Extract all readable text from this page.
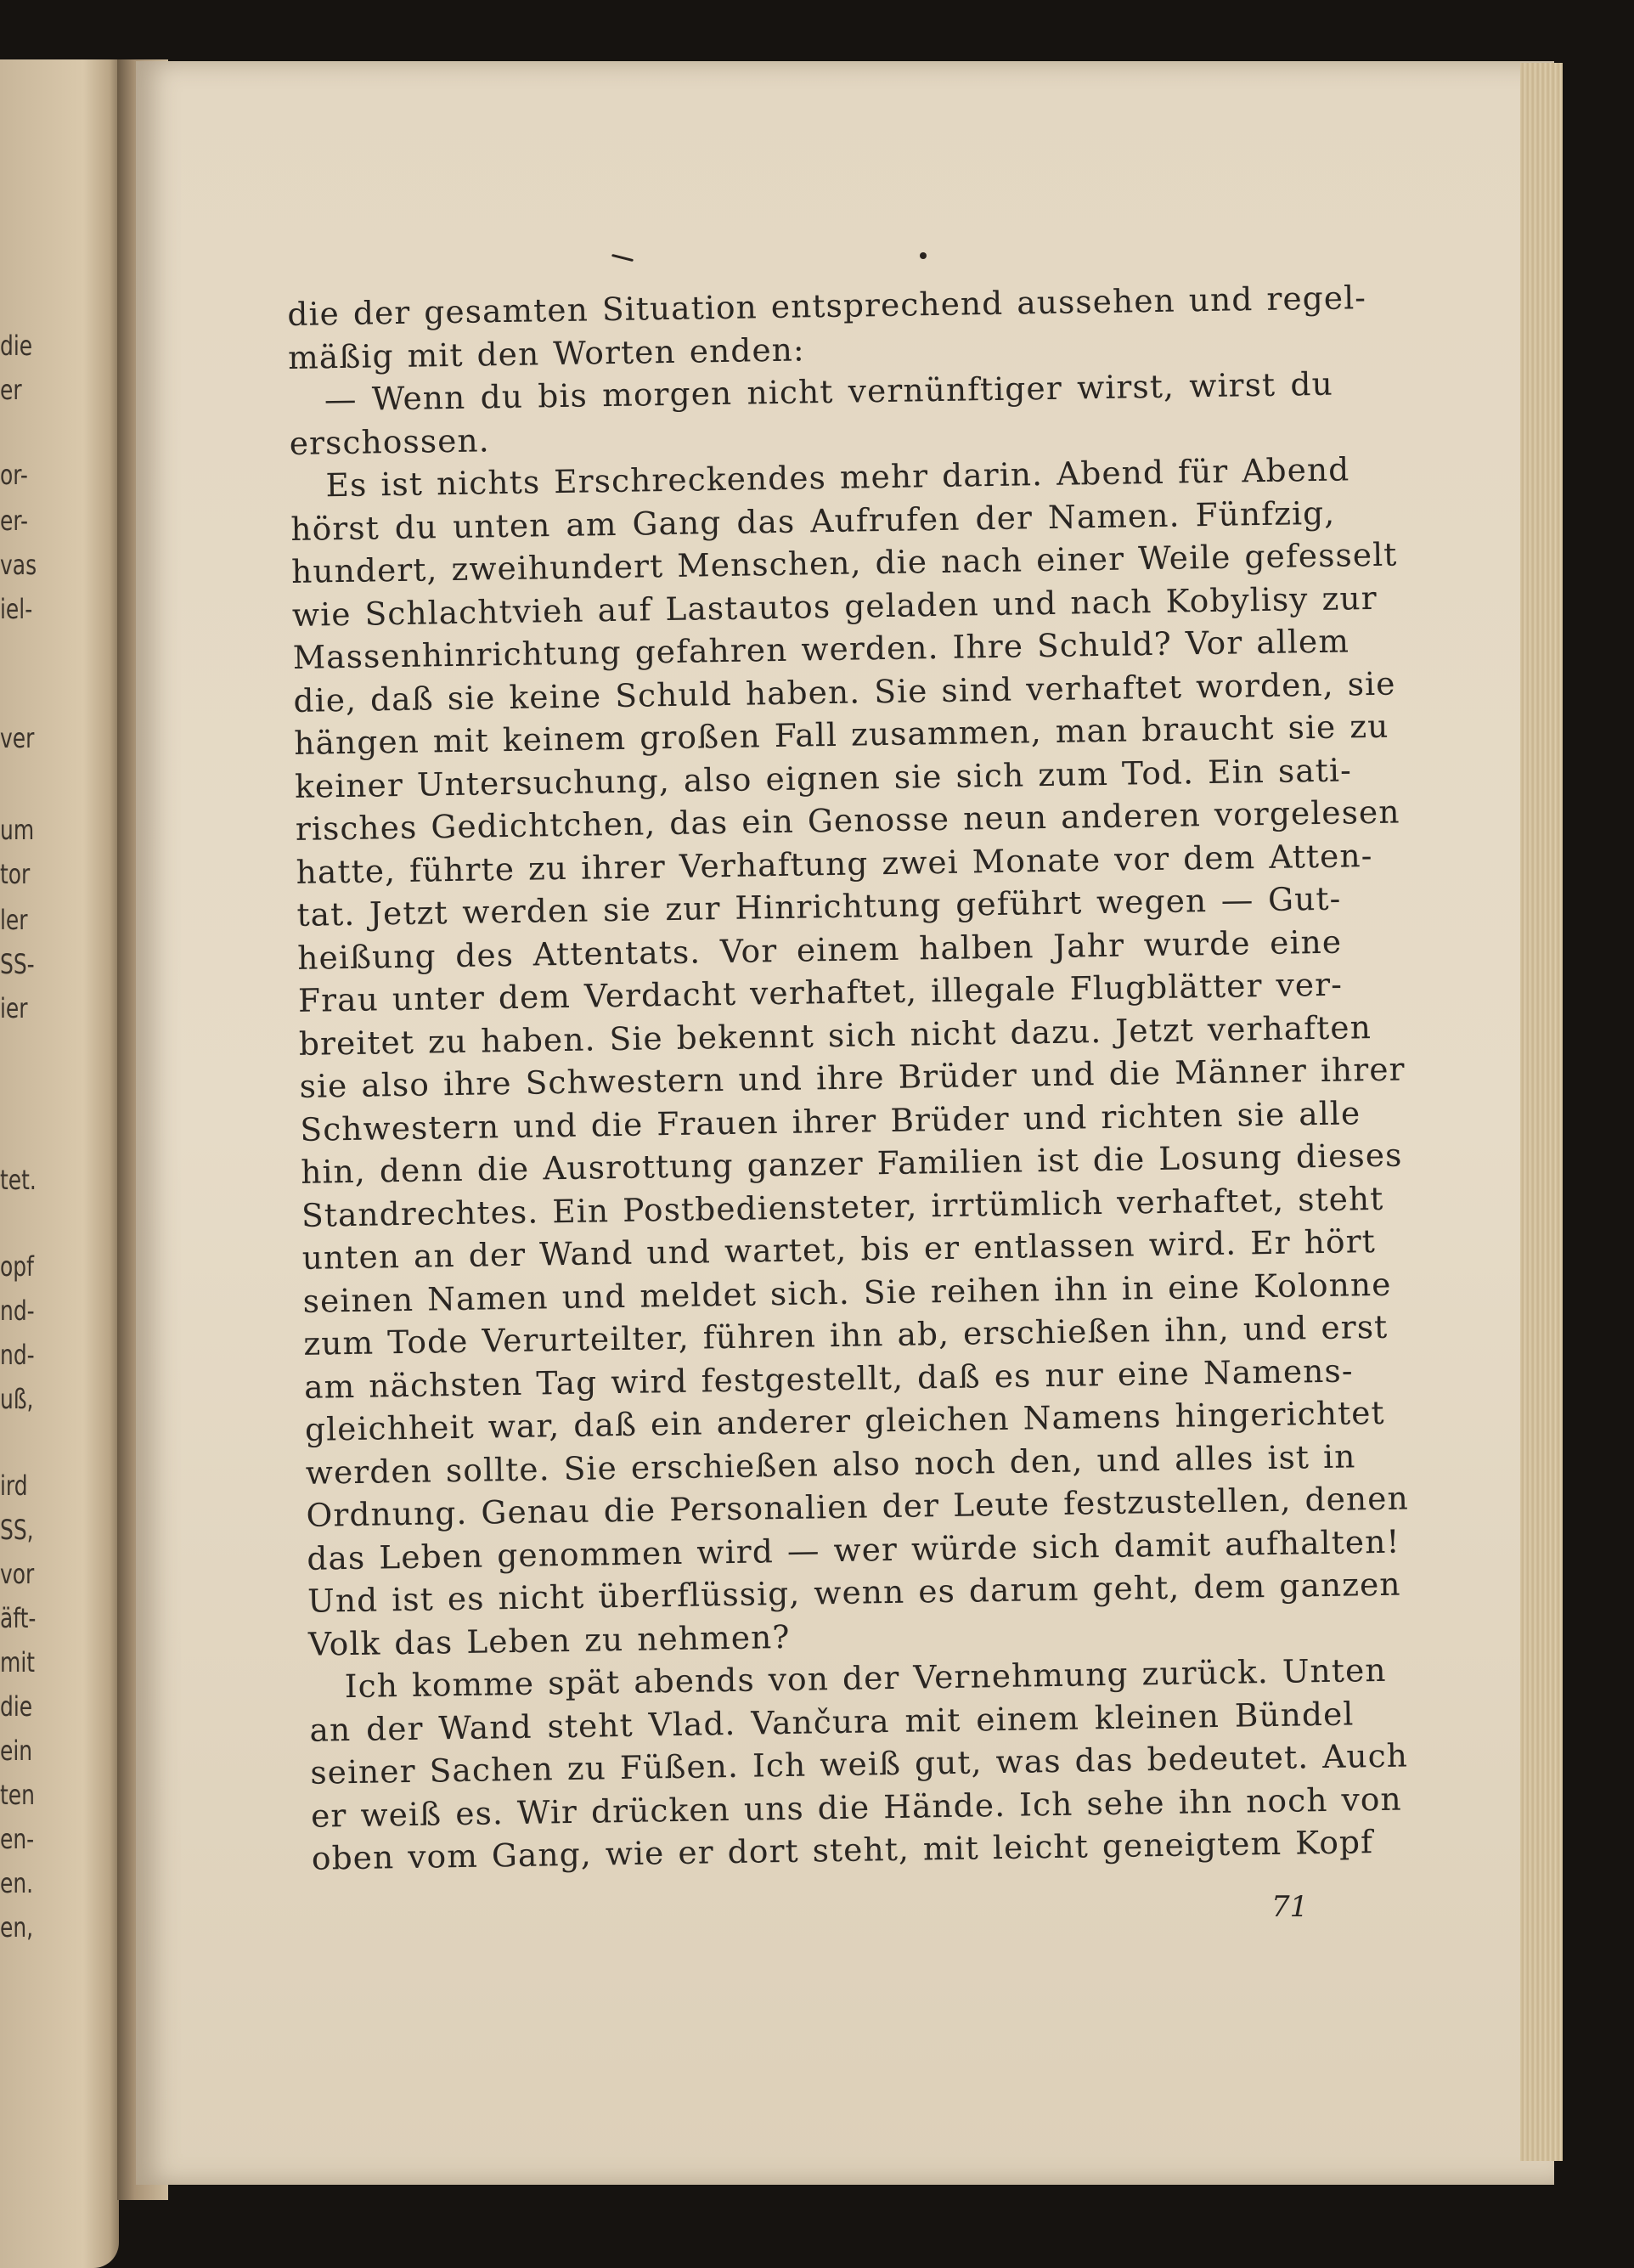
die
er
or-
er-
vas
iel-
ver
um
tor
ler
SS-
ier
tet.
opf
nd-
nd-
uß,
ird
SS,
vor
äft-
mit
die
ein
ten
en-
en.
en,
die der gesamten Situation entsprechend aussehen und regel-
mäßig mit den Worten enden:
— Wenn du bis morgen nicht vernünftiger wirst, wirst du
erschossen.
Es ist nichts Erschreckendes mehr darin. Abend für Abend
hörst du unten am Gang das Aufrufen der Namen. Fünfzig,
hundert, zweihundert Menschen, die nach einer Weile gefesselt
wie Schlachtvieh auf Lastautos geladen und nach Kobylisy zur
Massenhinrichtung gefahren werden. Ihre Schuld? Vor allem
die, daß sie keine Schuld haben. Sie sind verhaftet worden, sie
hängen mit keinem großen Fall zusammen, man braucht sie zu
keiner Untersuchung, also eignen sie sich zum Tod. Ein sati-
risches Gedichtchen, das ein Genosse neun anderen vorgelesen
hatte, führte zu ihrer Verhaftung zwei Monate vor dem Atten-
tat. Jetzt werden sie zur Hinrichtung geführt wegen — Gut-
heißung des Attentats. Vor einem halben Jahr wurde eine
Frau unter dem Verdacht verhaftet, illegale Flugblätter ver-
breitet zu haben. Sie bekennt sich nicht dazu. Jetzt verhaften
sie also ihre Schwestern und ihre Brüder und die Männer ihrer
Schwestern und die Frauen ihrer Brüder und richten sie alle
hin, denn die Ausrottung ganzer Familien ist die Losung dieses
Standrechtes. Ein Postbediensteter, irrtümlich verhaftet, steht
unten an der Wand und wartet, bis er entlassen wird. Er hört
seinen Namen und meldet sich. Sie reihen ihn in eine Kolonne
zum Tode Verurteilter, führen ihn ab, erschießen ihn, und erst
am nächsten Tag wird festgestellt, daß es nur eine Namens-
gleichheit war, daß ein anderer gleichen Namens hingerichtet
werden sollte. Sie erschießen also noch den, und alles ist in
Ordnung. Genau die Personalien der Leute festzustellen, denen
das Leben genommen wird — wer würde sich damit aufhalten!
Und ist es nicht überflüssig, wenn es darum geht, dem ganzen
Volk das Leben zu nehmen?
Ich komme spät abends von der Vernehmung zurück. Unten
an der Wand steht Vlad. Vančura mit einem kleinen Bündel
seiner Sachen zu Füßen. Ich weiß gut, was das bedeutet. Auch
er weiß es. Wir drücken uns die Hände. Ich sehe ihn noch von
oben vom Gang, wie er dort steht, mit leicht geneigtem Kopf
71
